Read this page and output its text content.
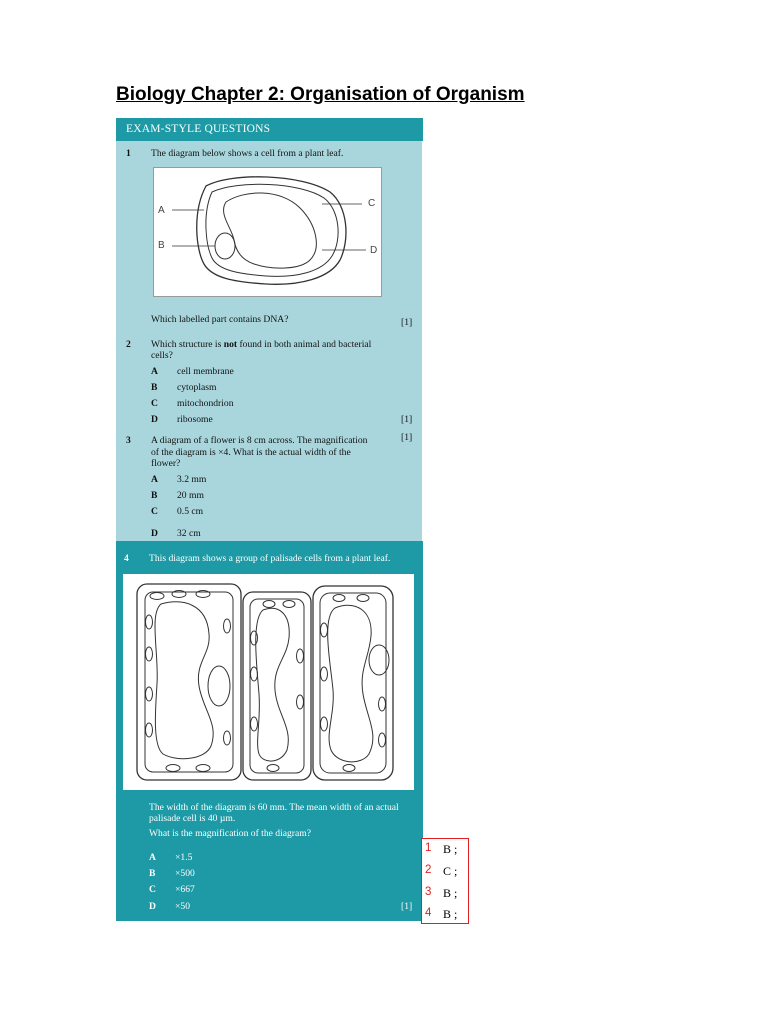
Biology Chapter 2: Organisation of Organism
EXAM-STYLE QUESTIONS
1 The diagram below shows a cell from a plant leaf.
A
B
C
D
Which labelled part contains DNA?	[1]
2 Which structure is not found in both animal and bacterial
cells?
A cell membrane
B cytoplasm
C mitochondrion
D ribosome	[1]
3 A diagram of a flower is 8 cm across. The magnification
of the diagram is ×4. What is the actual width of the
flower?
[1]
A 3.2 mm
B 20 mm
C 0.5 cm
D 32 cm
4 This diagram shows a group of palisade cells from a plant leaf.
The width of the diagram is 60 mm. The mean width of an actual
palisade cell is 40 µm.
What is the magnification of the diagram?
A ×1.5
B ×500
C ×667
D ×50	[1]
1 B ;
2 C ;
3 B ;
4 B ;
